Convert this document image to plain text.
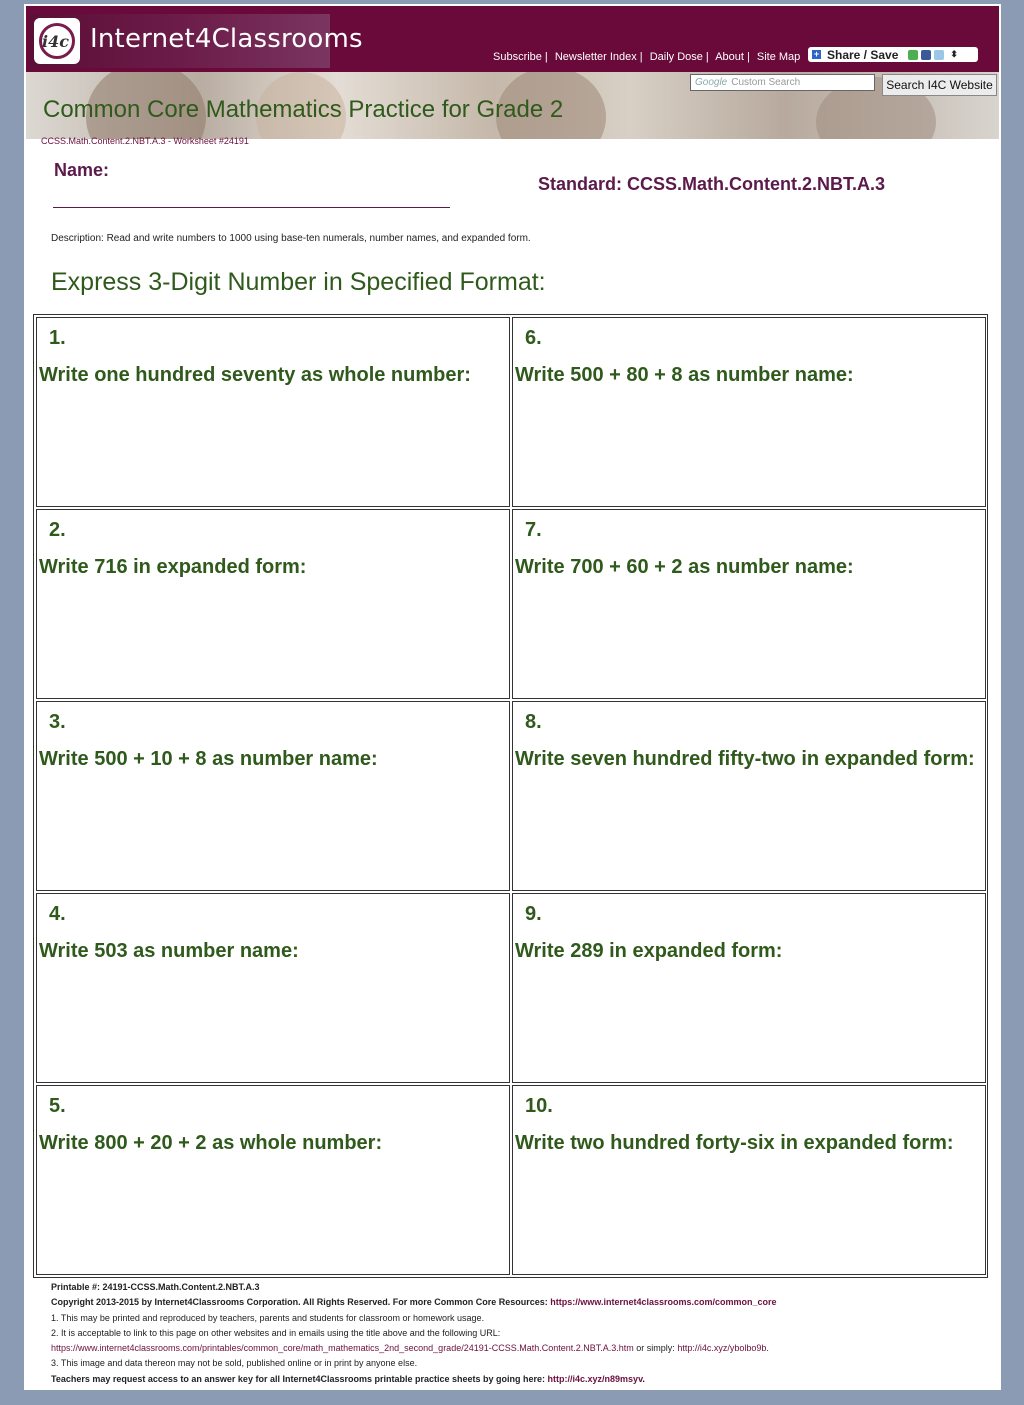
i4c Internet4Classrooms
Subscribe | Newsletter Index | Daily Dose | About | Site Map + Share / Save	⬍
Google Custom Search	Search I4C Website
Common Core Mathematics Practice for Grade 2
CCSS.Math.Content.2.NBT.A.3 - Worksheet #24191
Name:
Standard: CCSS.Math.Content.2.NBT.A.3
Description: Read and write numbers to 1000 using base-ten numerals, number names, and expanded form.
Express 3-Digit Number in Specified Format:
1.
Write one hundred seventy as whole number:
6.
Write 500 + 80 + 8 as number name:
2.
Write 716 in expanded form:
7.
Write 700 + 60 + 2 as number name:
3.
Write 500 + 10 + 8 as number name:
8.
Write seven hundred fifty-two in expanded form:
4.
Write 503 as number name:
9.
Write 289 in expanded form:
5.
Write 800 + 20 + 2 as whole number:
10.
Write two hundred forty-six in expanded form:
Printable #: 24191-CCSS.Math.Content.2.NBT.A.3
Copyright 2013-2015 by Internet4Classrooms Corporation. All Rights Reserved. For more Common Core Resources: https://www.internet4classrooms.com/common_core
1. This may be printed and reproduced by teachers, parents and students for classroom or homework usage.
2. It is acceptable to link to this page on other websites and in emails using the title above and the following URL:
https://www.internet4classrooms.com/printables/common_core/math_mathematics_2nd_second_grade/24191-CCSS.Math.Content.2.NBT.A.3.htm or simply: http://i4c.xyz/ybolbo9b.
3. This image and data thereon may not be sold, published online or in print by anyone else.
Teachers may request access to an answer key for all Internet4Classrooms printable practice sheets by going here: http://i4c.xyz/n89msyv.
